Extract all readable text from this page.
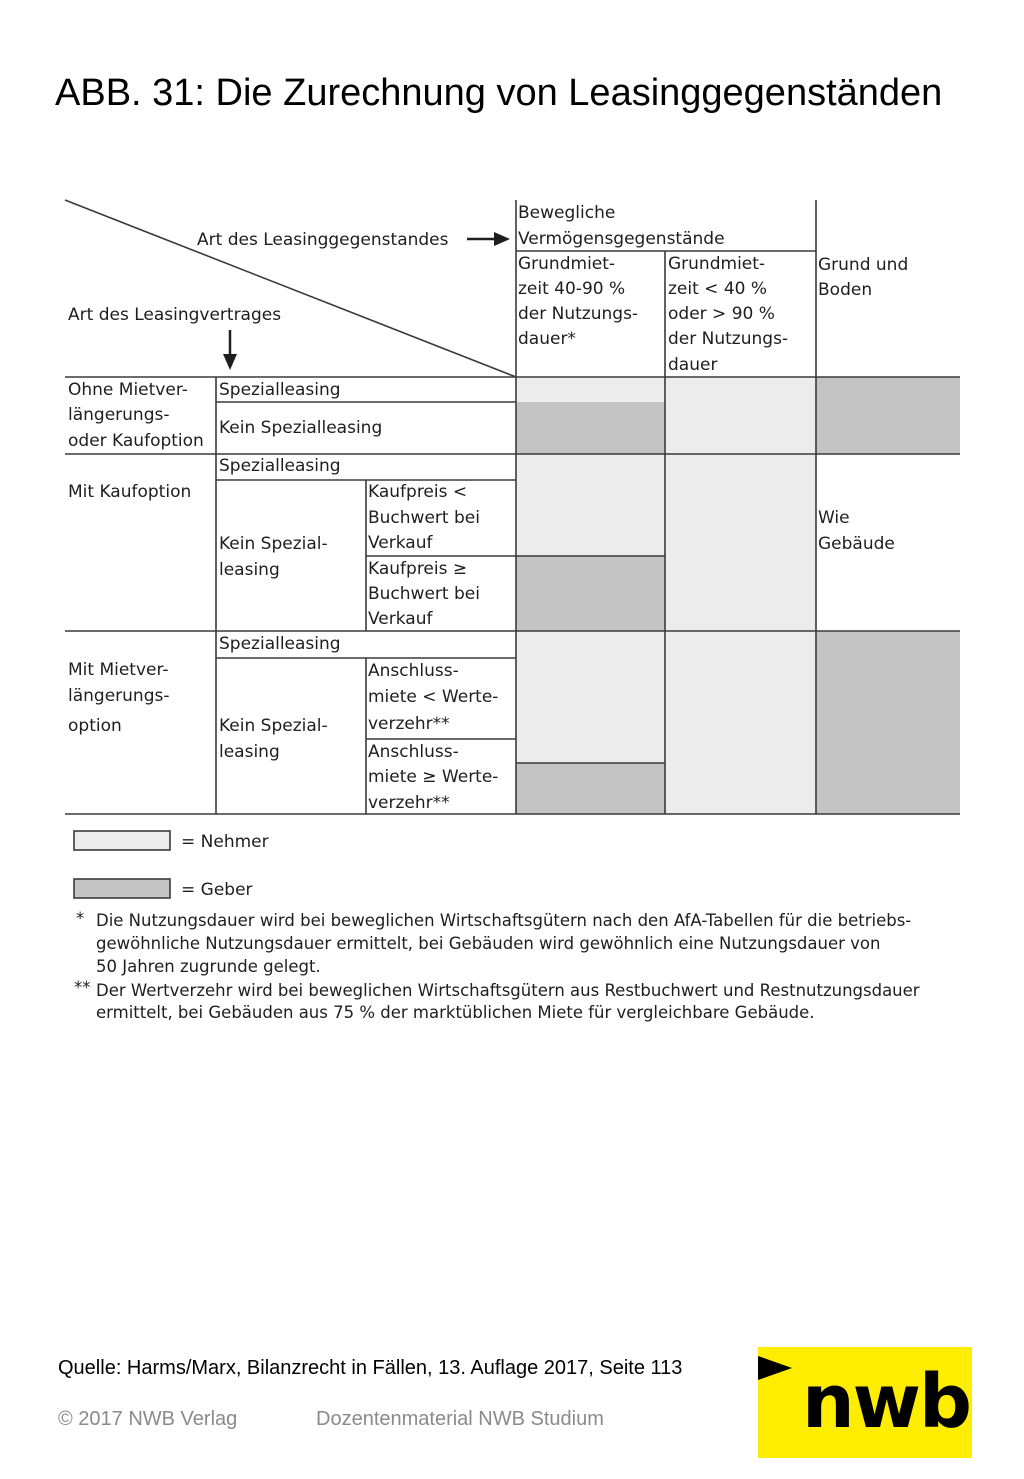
ABB. 31: Die Zurechnung von Leasinggegenständen
Art des Leasinggegenstandes
Art des Leasingvertrages
Bewegliche
Vermögensgegenstände
Grundmiet-
zeit 40-90 %
der Nutzungs-
dauer*
Grundmiet-
zeit < 40 %
oder > 90 %
der Nutzungs-
dauer
Grund und
Boden
Ohne Mietver-
längerungs-
oder Kaufoption
Spezialleasing
Kein Spezialleasing
Mit Kaufoption
Spezialleasing
Kein Spezial-
leasing
Kaufpreis <
Buchwert bei
Verkauf
Kaufpreis ≥
Buchwert bei
Verkauf
Wie
Gebäude
Mit Mietver-
längerungs-
option
Spezialleasing
Kein Spezial-
leasing
Anschluss-
miete < Werte-
verzehr**
Anschluss-
miete ≥ Werte-
verzehr**
= Nehmer
= Geber
* Die Nutzungsdauer wird bei beweglichen Wirtschaftsgütern nach den AfA-Tabellen für die betriebs-
gewöhnliche Nutzungsdauer ermittelt, bei Gebäuden wird gewöhnlich eine Nutzungsdauer von
50 Jahren zugrunde gelegt.
** Der Wertverzehr wird bei beweglichen Wirtschaftsgütern aus Restbuchwert und Restnutzungsdauer
ermittelt, bei Gebäuden aus 75 % der marktüblichen Miete für vergleichbare Gebäude.
Quelle: Harms/Marx, Bilanzrecht in Fällen, 13. Auflage 2017, Seite 113
© 2017 NWB Verlag	Dozentenmaterial NWB Studium	nwb
